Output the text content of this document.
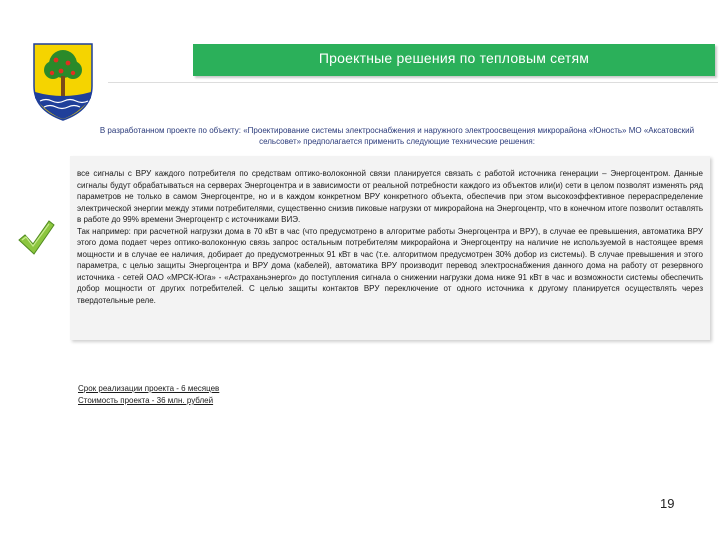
Проектные решения по тепловым сетям
В разработанном проекте по объекту: «Проектирование системы электроснабжения и наружного электроосвещения микрорайона «Юность» МО «Аксатовский сельсовет» предполагается применить следующие технические решения:

все сигналы с ВРУ каждого потребителя по средствам оптико-волоконной связи планируется связать с работой источника генерации – Энергоцентром. Данные сигналы будут обрабатываться на серверах Энергоцентра и в зависимости от реальной потребности каждого из объектов или(и) сети в целом позволят изменять ряд параметров не только в самом Энергоцентре, но и в каждом конкретном ВРУ конкретного объекта, обеспечив при этом высокоэффективное перераспределение электрической энергии между этими потребителями, существенно снизив пиковые нагрузки от микрорайона на Энергоцентр, что в конечном итоге позволит оставлять в работе до 99% времени Энергоцентр с источниками ВИЭ.

Так например: при расчетной нагрузки дома в 70 кВт в час (что предусмотрено в алгоритме работы Энергоцентра и ВРУ), в случае ее превышения, автоматика ВРУ этого дома подает через оптико-волоконную связь запрос остальным потребителям микрорайона и Энергоцентру на наличие не используемой в настоящее время мощности и в случае ее наличия, добирает до предусмотренных 91 кВт в час (т.е. алгоритмом предусмотрен 30% добор из системы). В случае превышения и этого параметра, с целью защиты Энергоцентра и ВРУ дома (кабелей), автоматика ВРУ производит перевод электроснабжения данного дома на работу от резервного источника - сетей ОАО «МРСК-Юга» - «Астраханьэнерго» до поступления сигнала о снижении нагрузки дома ниже 91 кВт в час и возможности системы обеспечить добор мощности от других потребителей. С целью защиты контактов ВРУ переключение от одного источника к другому планируется осуществлять через твердотельные реле.

Срок реализации проекта - 6 месяцев
Стоимость проекта - 36 млн. рублей
19
